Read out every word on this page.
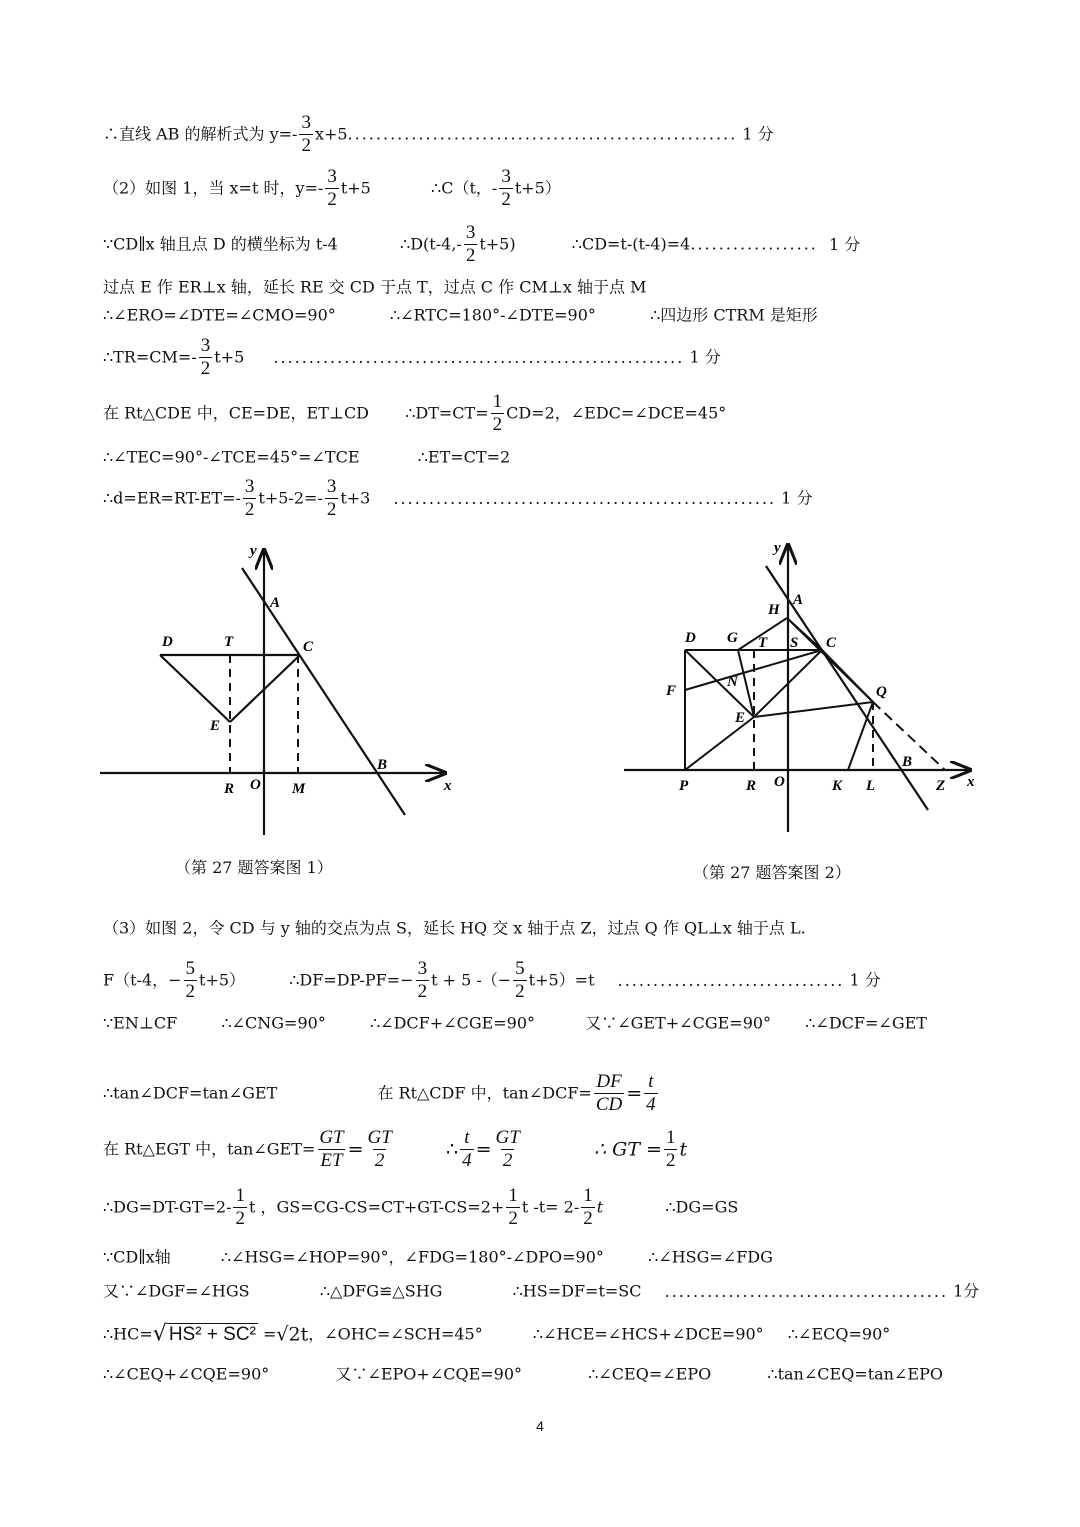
∴直线 AB 的解析式为 $y=- \frac{3}{2} x+5$....................................................... 1 分
（2）如图 1，当 x=t 时，$y=- \frac{3}{2} t+5$	∴C（t，- $\frac{3}{2} t+5$）
∵CD∥x 轴且点 D 的横坐标为 t-4	∴D(t-4,- $\frac{3}{2} t+5$)	∴CD=t-(t-4)=4.................. 1 分
过点 E 作 ER⊥x 轴，延长 RE 交 CD 于点 T，过点 C 作 CM⊥x 轴于点 M
∴∠ERO=∠DTE=∠CMO=90°	∴∠RTC=180°-∠DTE=90°	∴四边形 CTRM 是矩形
∴TR=CM=- $\frac{3}{2} t+5$ .......................................................... 1 分
在 Rt△CDE 中，CE=DE，ET⊥CD ∴DT=CT= $\frac{1}{2} CD=2$，∠EDC=∠DCE=45°
∴∠TEC=90°-∠TCE=45°=∠TCE	∴ET=CT=2
∴d=ER=RT-ET=- $\frac{3}{2} t+5-2=- \frac{3}{2} t+3$ ...................................................... 1 分
y
x
A
B
C
D	T
E
R O M
（第 27 题答案图 1）
y
x
A
H
D G T S C
F
N
E
Q
B
P	R O	K L	Z
（第 27 题答案图 2）
（3）如图 2，令 CD 与 y 轴的交点为点 S，延长 HQ 交 x 轴于点 Z，过点 Q 作 QL⊥x 轴于点 L.
F（t-4，− $\frac{5}{2} t+5$）	∴DF=DP-PF=− $\frac{3}{2}$ t + 5 -（− $\frac{5}{2} t+5)=t$ ................................ 1 分
∵EN⊥CF	∴∠CNG=90°	∴∠DCF+∠CGE=90°	又∵∠GET+∠CGE=90° ∴∠DCF=∠GET
∴tan∠DCF=tan∠GET	在 Rt△CDF 中，tan∠DCF= $\frac{DF}{CD} = \frac{t}{4}$
在 Rt△EGT 中，tan∠GET= $\frac{GT}{ET} = \frac{GT}{2}$	∴ $\frac{t}{4} = \frac{GT}{2}$	∴ GT = $\frac{1}{2}$ t
∴DG=DT-GT=2- $\frac{1}{2}$ t ，$GS=CG-CS=CT+GT-CS=2+ \frac{1}{2}$ t $-t= 2- \frac{1}{2}$ t	∴DG=GS
∵CD∥x轴	∴∠HSG=∠HOP=90°，∠FDG=180°-∠DPO=90°	∴∠HSG=∠FDG
又∵∠DGF=∠HGS	∴△DFG≌△SHG	∴HS=DF=t=SC ........................................ 1分
∴HC=√ HS² + SC² =√2t，∠OHC=∠SCH=45°	∴∠HCE=∠HCS+∠DCE=90° ∴∠ECQ=90°
∴∠CEQ+∠CQE=90°	又∵∠EPO+∠CQE=90°	∴∠CEQ=∠EPO	∴tan∠CEQ=tan∠EPO
4
